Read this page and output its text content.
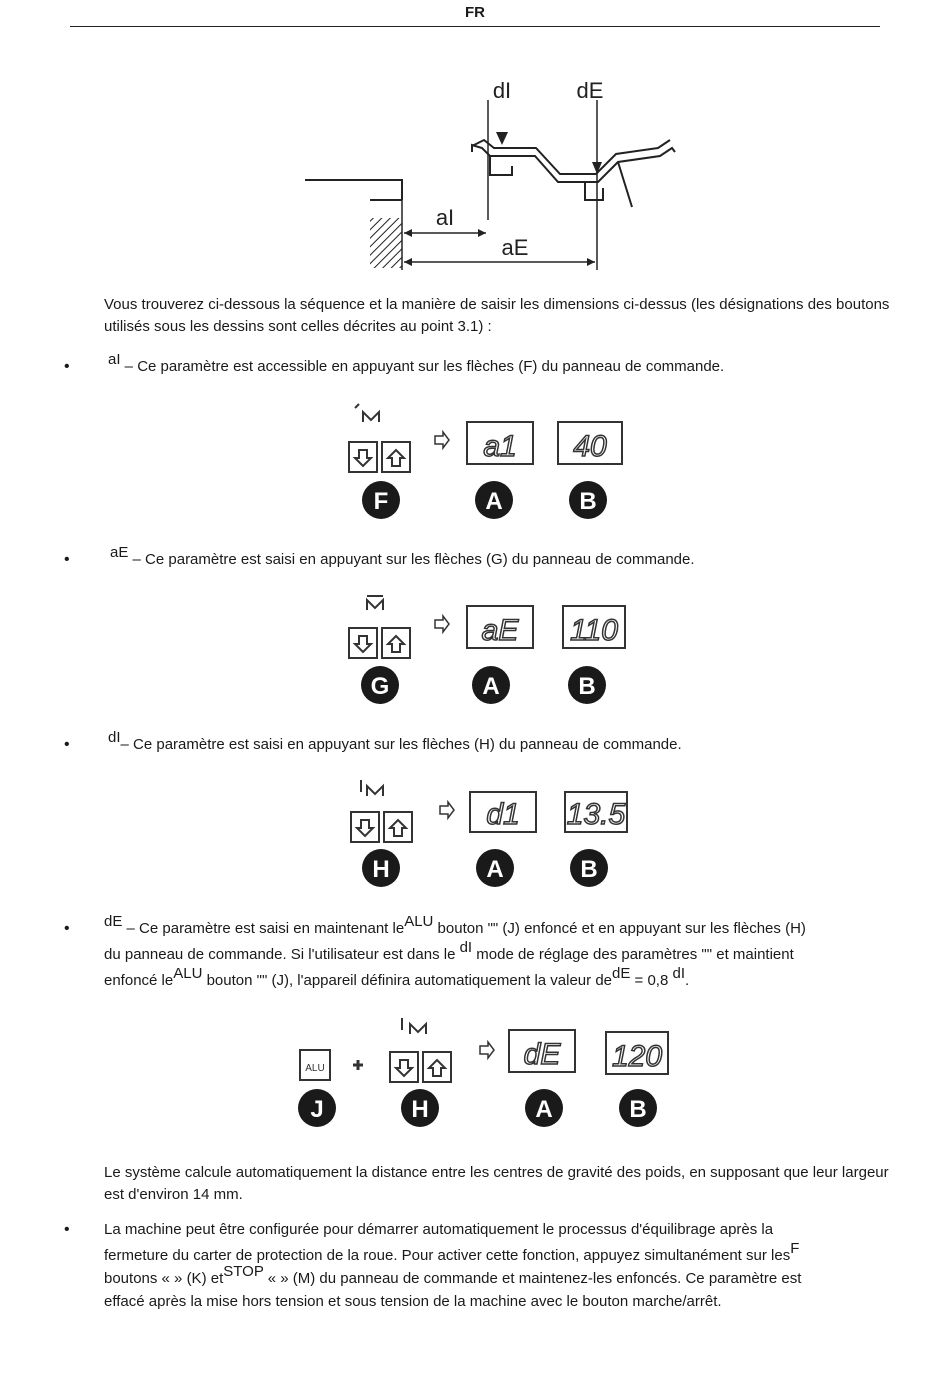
FR
dI	dE
aI
aE

Vous trouverez ci-dessous la séquence et la manière de saisir les dimensions ci-dessus (les désignations des boutons utilisés sous les dessins sont celles décrites au point 3.1) :

•	aI – Ce paramètre est accessible en appuyant sur les flèches (F) du panneau de commande.

a1 40
F	A	B
•	aE – Ce paramètre est saisi en appuyant sur les flèches (G) du panneau de commande.

aE 110
G	A	B
•	dI– Ce paramètre est saisi en appuyant sur les flèches (H) du panneau de commande.

d1 13.5
H	A	B
• dE – Ce paramètre est saisi en maintenant leALU bouton "" (J) enfoncé et en appuyant sur les flèches (H)

du panneau de commande. Si l'utilisateur est dans le dI mode de réglage des paramètres "" et maintient

enfoncé leALU bouton "" (J), l'appareil définira automatiquement la valeur dedE = 0,8 dI.

ALU	dE 120
J	H	A	B

Le système calcule automatiquement la distance entre les centres de gravité des poids, en supposant que leur largeur est d'environ 14 mm.

• La machine peut être configurée pour démarrer automatiquement le processus d'équilibrage après la

fermeture du carter de protection de la roue. Pour activer cette fonction, appuyez simultanément sur lesF

boutons « » (K) etSTOP « » (M) du panneau de commande et maintenez-les enfoncés. Ce paramètre est

effacé après la mise hors tension et sous tension de la machine avec le bouton marche/arrêt.
